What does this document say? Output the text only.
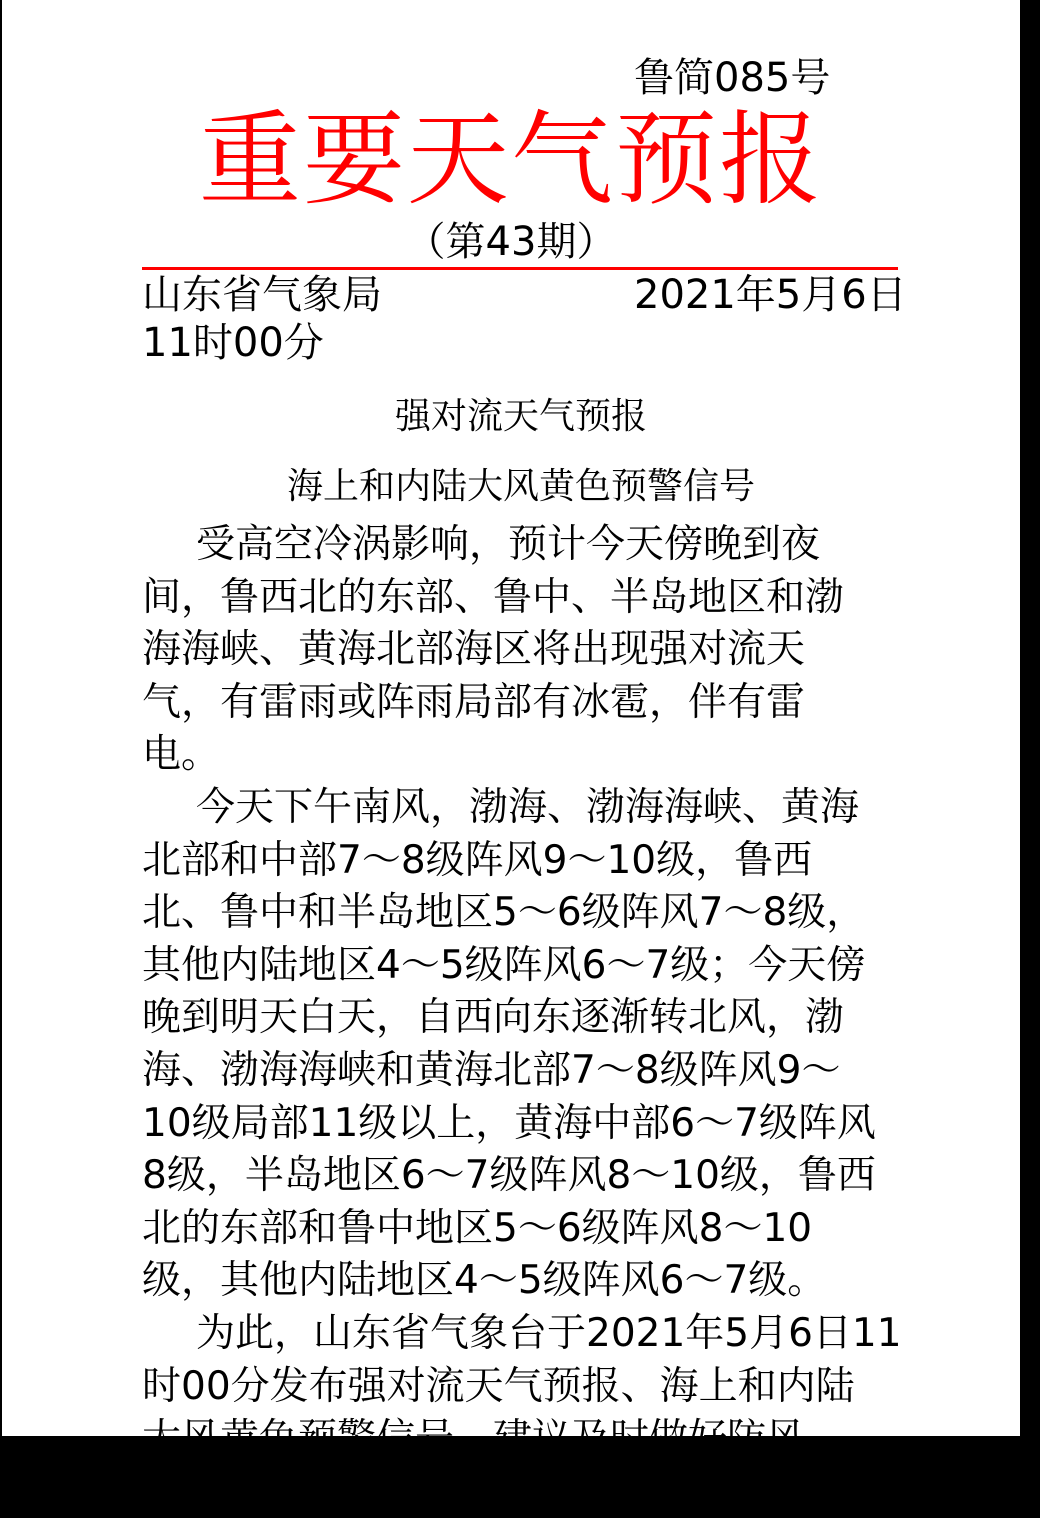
鲁简085号
重要天气预报
（第43期）
山东省气象局	2021年5月6日
11时00分
强对流天气预报
海上和内陆大风黄色预警信号

受高空冷涡影响，预计今天傍晚到夜
间，鲁西北的东部、鲁中、半岛地区和渤
海海峡、黄海北部海区将出现强对流天
气，有雷雨或阵雨局部有冰雹，伴有雷
电。

今天下午南风，渤海、渤海海峡、黄海
北部和中部7～8级阵风9～10级，鲁西
北、鲁中和半岛地区5～6级阵风7～8级，
其他内陆地区4～5级阵风6～7级；今天傍
晚到明天白天，自西向东逐渐转北风，渤
海、渤海海峡和黄海北部7～8级阵风9～
10级局部11级以上，黄海中部6～7级阵风
8级，半岛地区6～7级阵风8～10级，鲁西
北的东部和鲁中地区5～6级阵风8～10
级，其他内陆地区4～5级阵风6～7级。

为此，山东省气象台于2021年5月6日11
时00分发布强对流天气预报、海上和内陆
大风黄色预警信号。建议及时做好防风、
防雷电及防冰雹等工作。
